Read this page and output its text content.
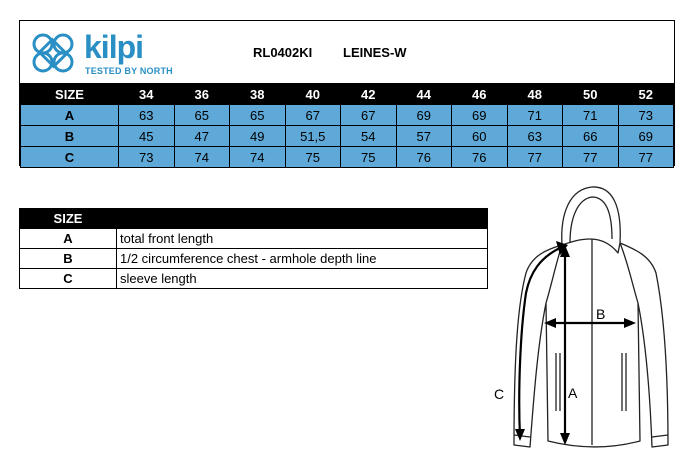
kilpi
TESTED BY NORTH
RL0402KI LEINES-W
SIZE	34	36	38	40	42	44	46	48	50	52
A	63	65	65	67	67	69	69	71	71	73
B	45	47	49	51,5	54	57	60	63	66	69
C	73	74	74	75	75	76	76	77	77	77
SIZE	
A	total front length
B	1/2 circumference chest - armhole depth line
C	sleeve length
B
A
C
